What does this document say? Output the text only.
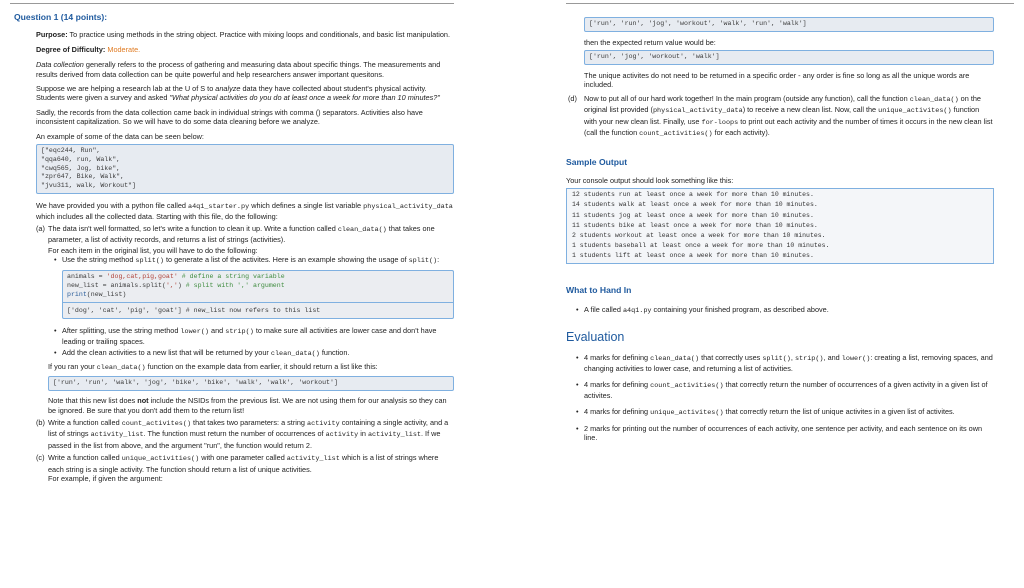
Question 1 (14 points):

Purpose: To practice using methods in the string object. Practice with mixing loops and conditionals, and basic list manipulation.

Degree of Difficulty: Moderate.

Data collection generally refers to the process of gathering and measuring data about specific things. The measurements and results derived from data collection can be quite powerful and help researchers answer important quesitons.

Suppose we are helping a research lab at the U of S to analyze data they have collected about student's physical activity. Students were given a survey and asked "What physical activities do you do at least once a week for more than 10 minutes?"

Sadly, the records from the data collection came back in individual strings with comma () separators. Activities also have inconsistent capitalization. So we will have to do some data cleaning before we analyze.

An example of some of the data can be seen below:

["eqc244, Run",
"qqa640, run, Walk",
"cwq565, Jog, bike",
"zpr647, Bike, Walk",
"jvu311, walk, Workout"]

We have provided you with a python file called a4q1_starter.py which defines a single list variable physical_activity_data which includes all the collected data. Starting with this file, do the following:

(a) The data isn't well formatted, so let's write a function to clean it up. Write a function called clean_data() that takes one parameter, a list of activity records, and returns a list of strings (activities).
For each item in the original list, you will have to do the following:
• Use the string method split() to generate a list of the activites. Here is an example showing the usage of split():
animals = 'dog,cat,pig,goat' # define a string variable
new_list = animals.split(',') # split with ',' argument
print(new_list)
['dog', 'cat', 'pig', 'goat'] # new_list now refers to this list
• After splitting, use the string method lower() and strip() to make sure all activities are lower case and don't have leading or trailing spaces.
• Add the clean activities to a new list that will be returned by your clean_data() function.
If you ran your clean_data() function on the example data from earlier, it should return a list like this:
['run', 'run', 'walk', 'jog', 'bike', 'bike', 'walk', 'walk', 'workout']
Note that this new list does not include the NSIDs from the previous list. We are not using them for our analysis so they can be ignored. Be sure that you don't add them to the return list!
(b) Write a function called count_activites() that takes two parameters: a string activity containing a single activity, and a list of strings activity_list. The function must return the number of occurrences of activity in activity_list. If we passed in the list from above, and the argument "run", the function would return 2.
(c) Write a function called unique_activities() with one parameter called activity_list which is a list of strings where each string is a single activity. The function should return a list of unique activities.
For example, if given the argument:
['run', 'run', 'jog', 'workout', 'walk', 'run', 'walk']

then the expected return value would be:

['run', 'jog', 'workout', 'walk']

The unique activites do not need to be returned in a specific order - any order is fine so long as all the unique words are included.

(d) Now to put all of our hard work together! In the main program (outside any function), call the function clean_data() on the original list provided (physical_activity_data) to receive a new clean list. Now, call the unique_activites() function with your new clean list. Finally, use for-loops to print out each activity and the number of times it occurs in the new clean list (call the function count_activities() for each activity).
Sample Output

Your console output should look something like this:

12 students run at least once a week for more than 10 minutes.
14 students walk at least once a week for more than 10 minutes.
11 students jog at least once a week for more than 10 minutes.
11 students bike at least once a week for more than 10 minutes.
2 students workout at least once a week for more than 10 minutes.
1 students baseball at least once a week for more than 10 minutes.
1 students lift at least once a week for more than 10 minutes.
What to Hand In
• A file called a4q1.py containing your finished program, as described above.
Evaluation
• 4 marks for defining clean_data() that correctly uses split(), strip(), and lower(): creating a list, removing spaces, and changing activities to lower case, and returning a list of activities.
• 4 marks for defining count_activities() that correctly return the number of occurrences of a given activity in a given list of activites.
• 4 marks for defining unique_activites() that correctly return the list of unique activites in a given list of activites.
• 2 marks for printing out the number of occurrences of each activity, one sentence per activity, and each sentence on its own line.
